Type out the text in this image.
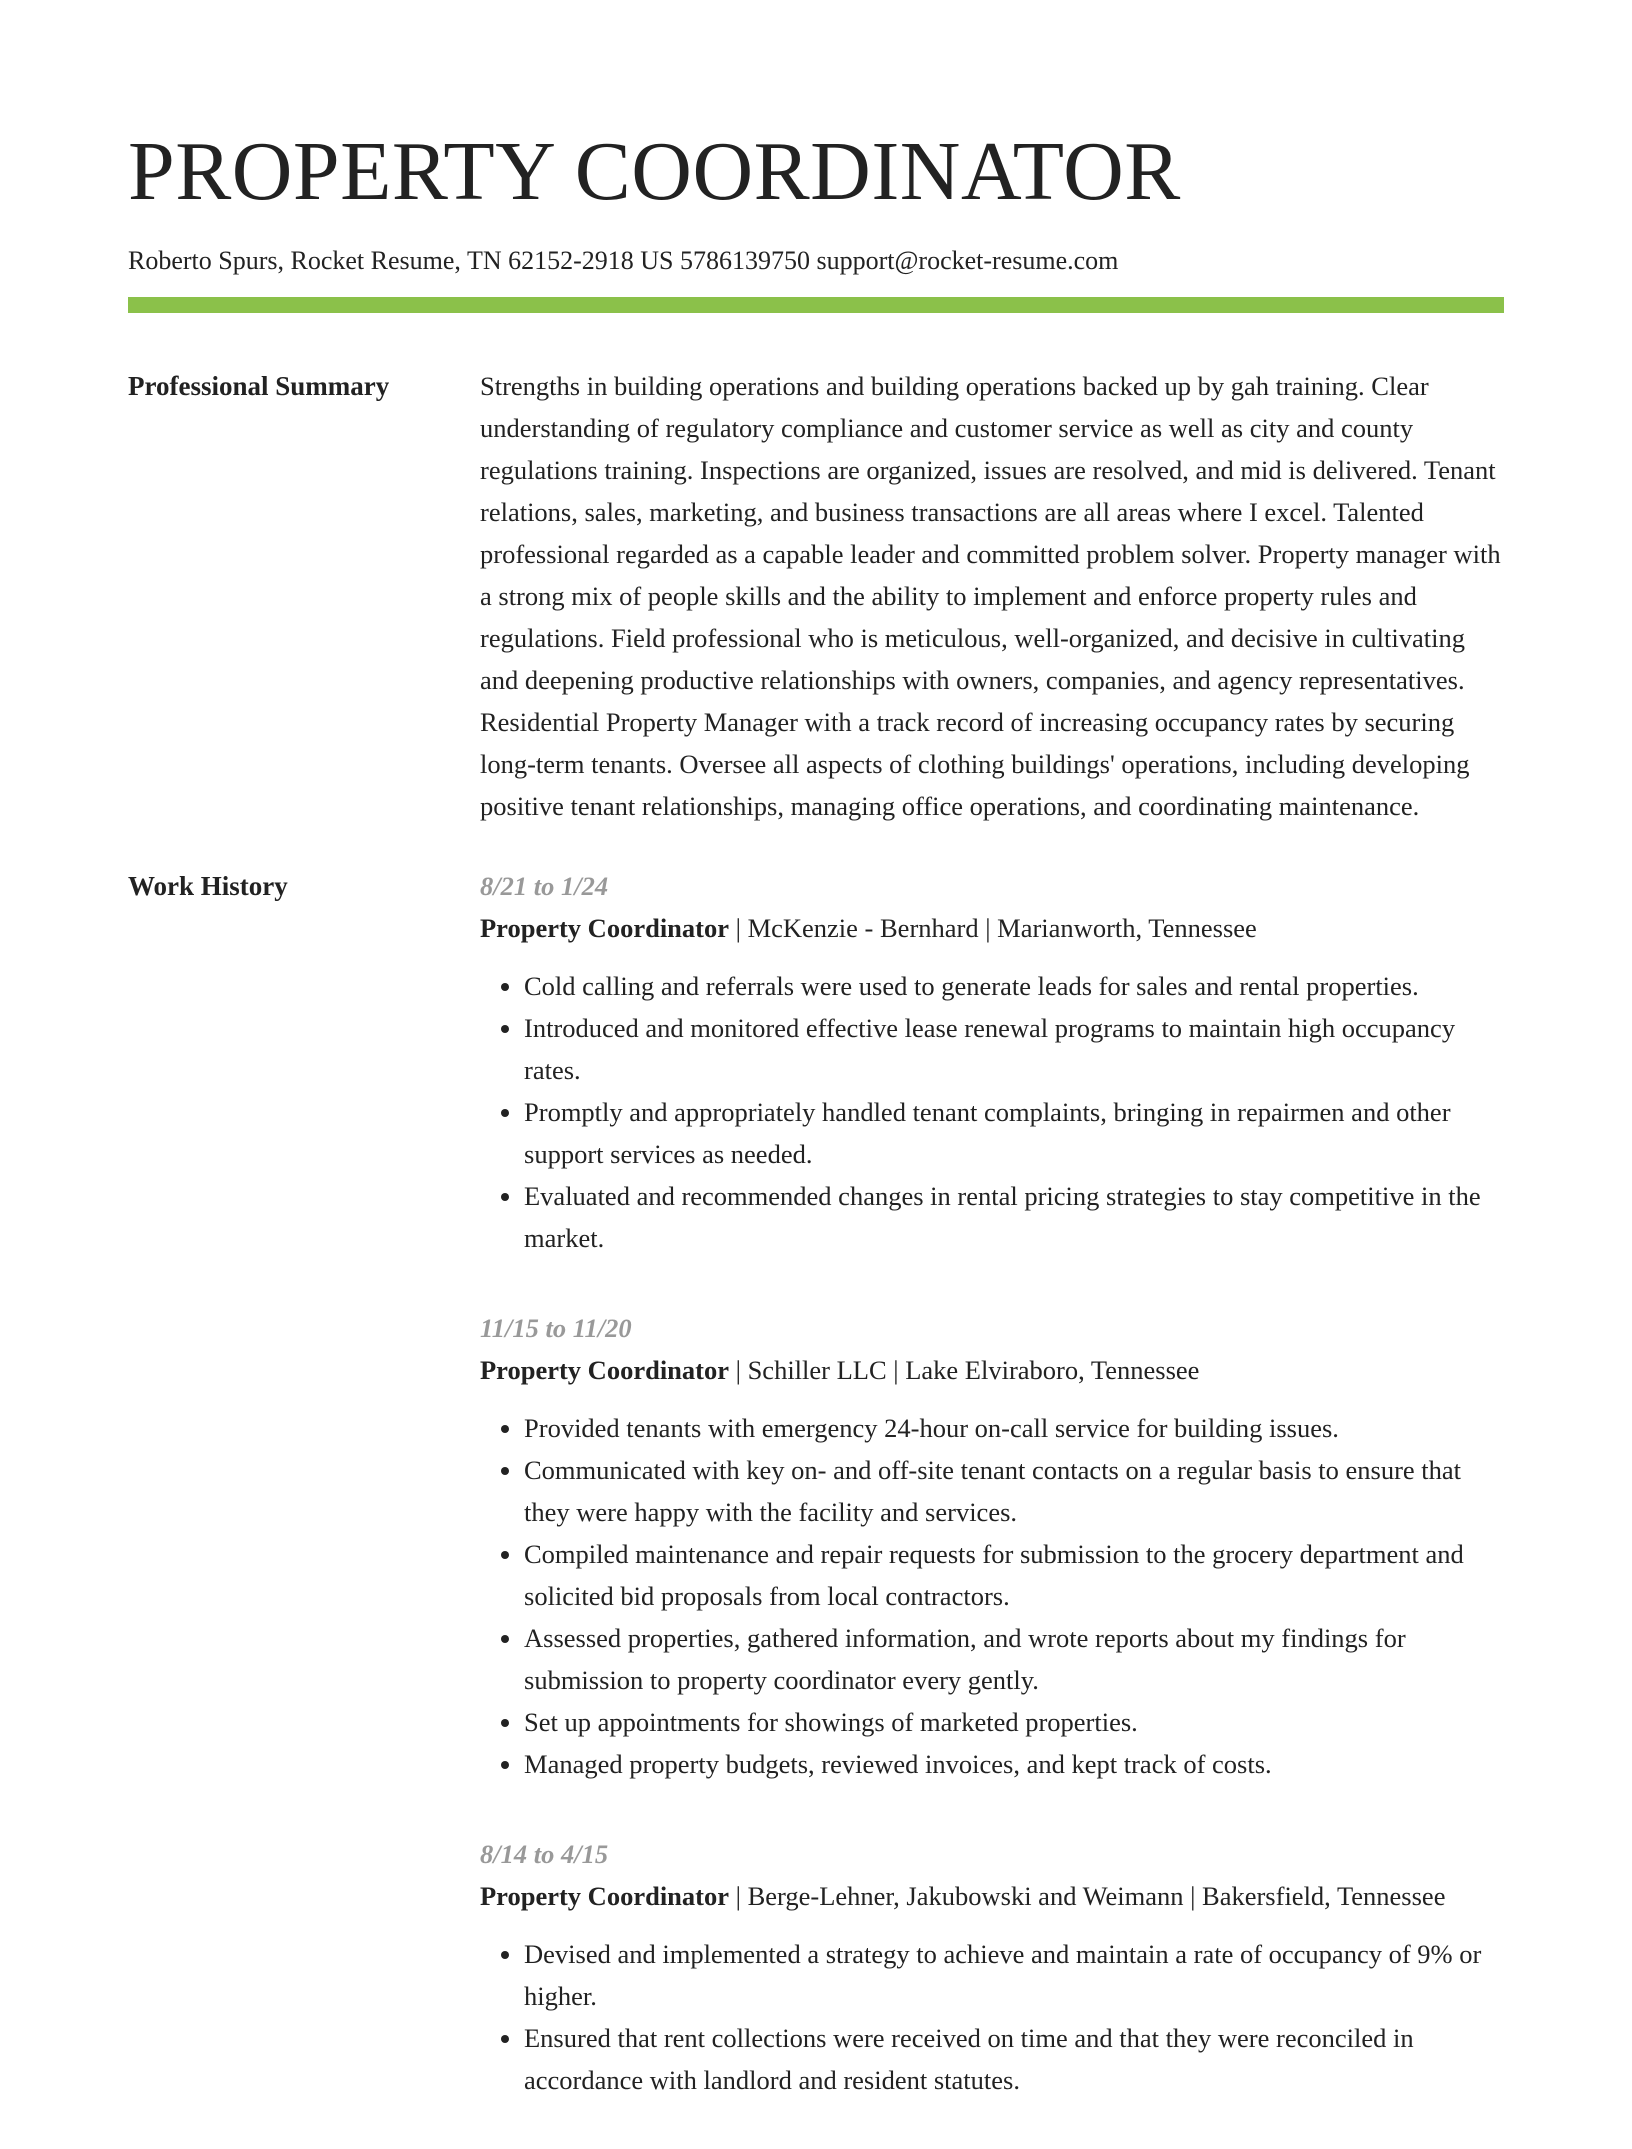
PROPERTY COORDINATOR
Roberto Spurs, Rocket Resume, TN 62152-2918 US 5786139750 support@rocket-resume.com
Professional Summary	Strengths in building operations and building operations backed up by gah training. Clear understanding of regulatory compliance and customer service as well as city and county regulations training. Inspections are organized, issues are resolved, and mid is delivered. Tenant relations, sales, marketing, and business transactions are all areas where I excel. Talented professional regarded as a capable leader and committed problem solver. Property manager with a strong mix of people skills and the ability to implement and enforce property rules and regulations. Field professional who is meticulous, well-organized, and decisive in cultivating and deepening productive relationships with owners, companies, and agency representatives. Residential Property Manager with a track record of increasing occupancy rates by securing long-term tenants. Oversee all aspects of clothing buildings' operations, including developing positive tenant relationships, managing office operations, and coordinating maintenance.

Work History	8/21 to 1/24
Property Coordinator | McKenzie - Bernhard | Marianworth, Tennessee
• Cold calling and referrals were used to generate leads for sales and rental properties.
• Introduced and monitored effective lease renewal programs to maintain high occupancy rates.
• Promptly and appropriately handled tenant complaints, bringing in repairmen and other support services as needed.
• Evaluated and recommended changes in rental pricing strategies to stay competitive in the market.
11/15 to 11/20
Property Coordinator | Schiller LLC | Lake Elviraboro, Tennessee
• Provided tenants with emergency 24-hour on-call service for building issues.
• Communicated with key on- and off-site tenant contacts on a regular basis to ensure that they were happy with the facility and services.
• Compiled maintenance and repair requests for submission to the grocery department and solicited bid proposals from local contractors.
• Assessed properties, gathered information, and wrote reports about my findings for submission to property coordinator every gently.
• Set up appointments for showings of marketed properties.
• Managed property budgets, reviewed invoices, and kept track of costs.
8/14 to 4/15
Property Coordinator | Berge-Lehner, Jakubowski and Weimann | Bakersfield, Tennessee
• Devised and implemented a strategy to achieve and maintain a rate of occupancy of 9% or higher.
• Ensured that rent collections were received on time and that they were reconciled in accordance with landlord and resident statutes.
